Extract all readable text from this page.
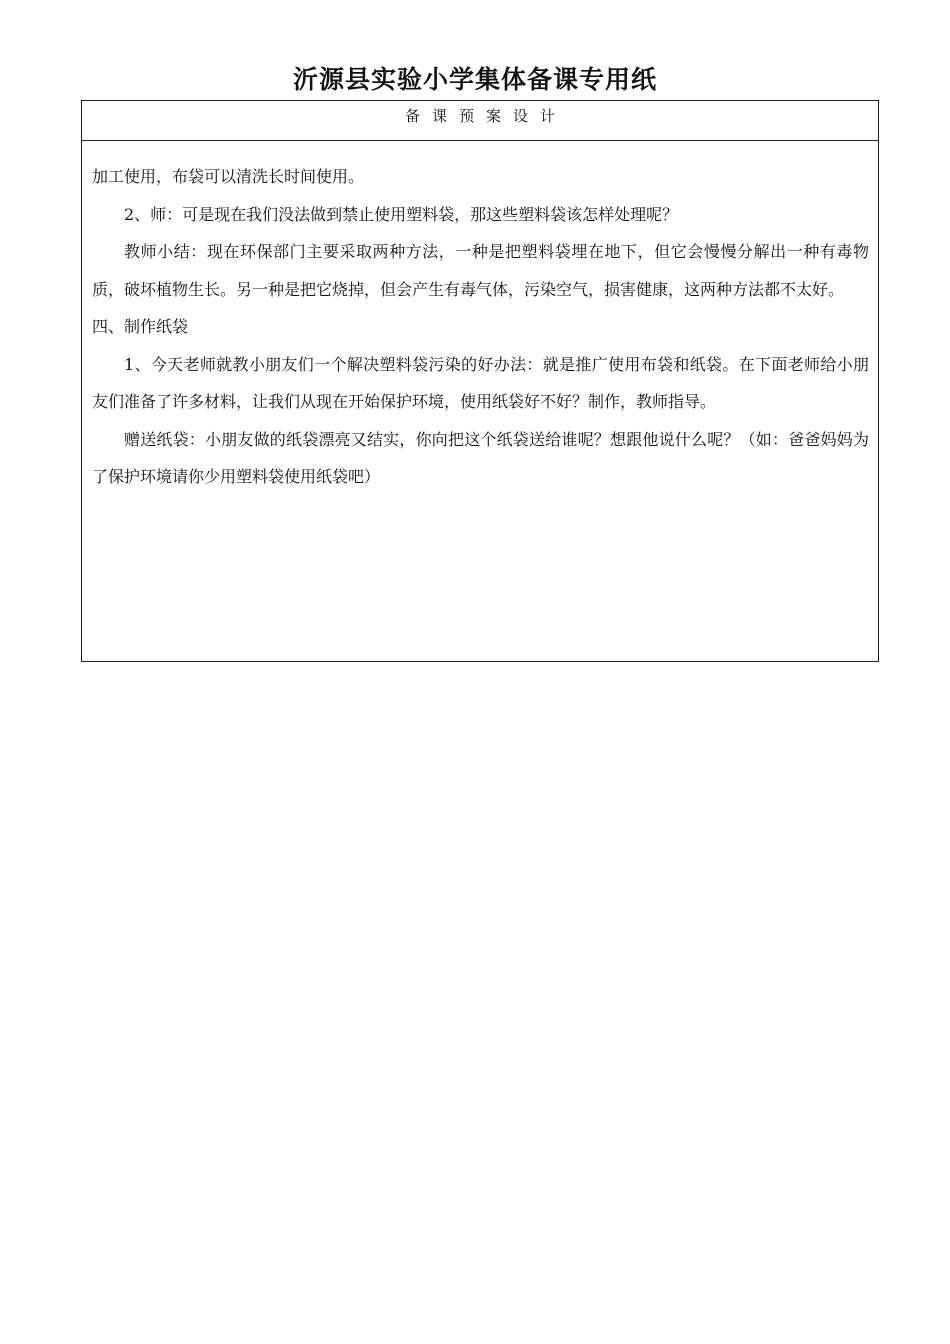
沂源县实验小学集体备课专用纸
备课预案设计

加工使用，布袋可以清洗长时间使用。

2、师：可是现在我们没法做到禁止使用塑料袋，那这些塑料袋该怎样处理呢？

教师小结：现在环保部门主要采取两种方法，一种是把塑料袋埋在地下，但它会慢慢分解出一种有毒物质，破坏植物生长。另一种是把它烧掉，但会产生有毒气体，污染空气，损害健康，这两种方法都不太好。

四、制作纸袋

1、今天老师就教小朋友们一个解决塑料袋污染的好办法：就是推广使用布袋和纸袋。在下面老师给小朋友们准备了许多材料，让我们从现在开始保护环境，使用纸袋好不好？制作，教师指导。

赠送纸袋：小朋友做的纸袋漂亮又结实，你向把这个纸袋送给谁呢？想跟他说什么呢？（如：爸爸妈妈为了保护环境请你少用塑料袋使用纸袋吧）
